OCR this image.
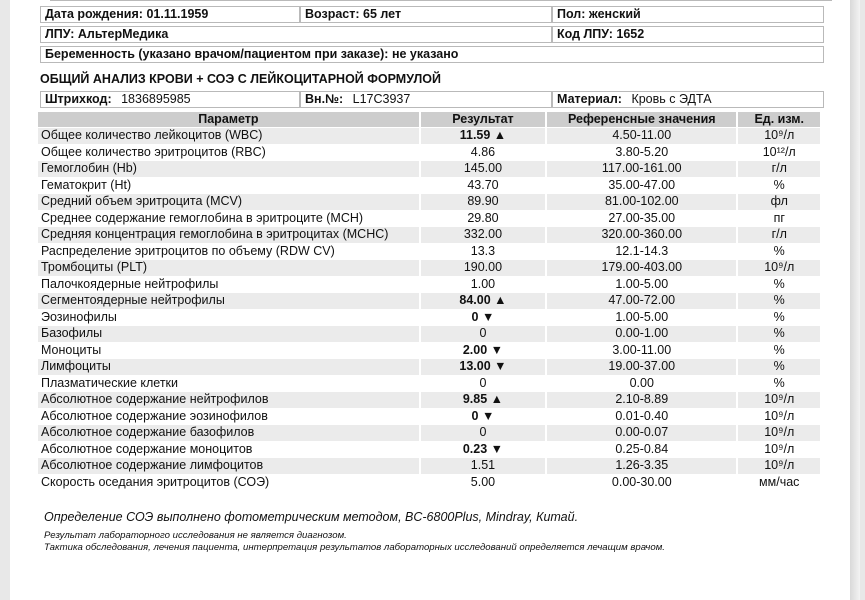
Дата рождения: 01.11.1959	Возраст: 65 лет	Пол: женский
ЛПУ: АльтерМедика	Код ЛПУ: 1652
Беременность (указано врачом/пациентом при заказе): не указано
ОБЩИЙ АНАЛИЗ КРОВИ + СОЭ С ЛЕЙКОЦИТАРНОЙ ФОРМУЛОЙ
Штрихкод: 1836895985	Вн.№: L17C3937	Материал: Кровь с ЭДТА
Параметр	Результат	Референсные значения	Ед. изм.
Общее количество лейкоцитов (WBC)	11.59 ▲	4.50-11.00	10⁹/л
Общее количество эритроцитов (RBC)	4.86	3.80-5.20	10¹²/л
Гемоглобин (Hb)	145.00	117.00-161.00	г/л
Гематокрит (Ht)	43.70	35.00-47.00	%
Средний объем эритроцита (MCV)	89.90	81.00-102.00	фл
Среднее содержание гемоглобина в эритроците (MCH)	29.80	27.00-35.00	пг
Средняя концентрация гемоглобина в эритроцитах (MCHC)	332.00	320.00-360.00	г/л
Распределение эритроцитов по объему (RDW CV)	13.3	12.1-14.3	%
Тромбоциты (PLT)	190.00	179.00-403.00	10⁹/л
Палочкоядерные нейтрофилы	1.00	1.00-5.00	%
Сегментоядерные нейтрофилы	84.00 ▲	47.00-72.00	%
Эозинофилы	0 ▼	1.00-5.00	%
Базофилы	0	0.00-1.00	%
Моноциты	2.00 ▼	3.00-11.00	%
Лимфоциты	13.00 ▼	19.00-37.00	%
Плазматические клетки	0	0.00	%
Абсолютное содержание нейтрофилов	9.85 ▲	2.10-8.89	10⁹/л
Абсолютное содержание эозинофилов	0 ▼	0.01-0.40	10⁹/л
Абсолютное содержание базофилов	0	0.00-0.07	10⁹/л
Абсолютное содержание моноцитов	0.23 ▼	0.25-0.84	10⁹/л
Абсолютное содержание лимфоцитов	1.51	1.26-3.35	10⁹/л
Скорость оседания эритроцитов (СОЭ)	5.00	0.00-30.00	мм/час
Определение СОЭ выполнено фотометрическим методом, BC-6800Plus, Mindray, Китай.
Результат лабораторного исследования не является диагнозом.
Тактика обследования, лечения пациента, интерпретация результатов лабораторных исследований определяется лечащим врачом.
